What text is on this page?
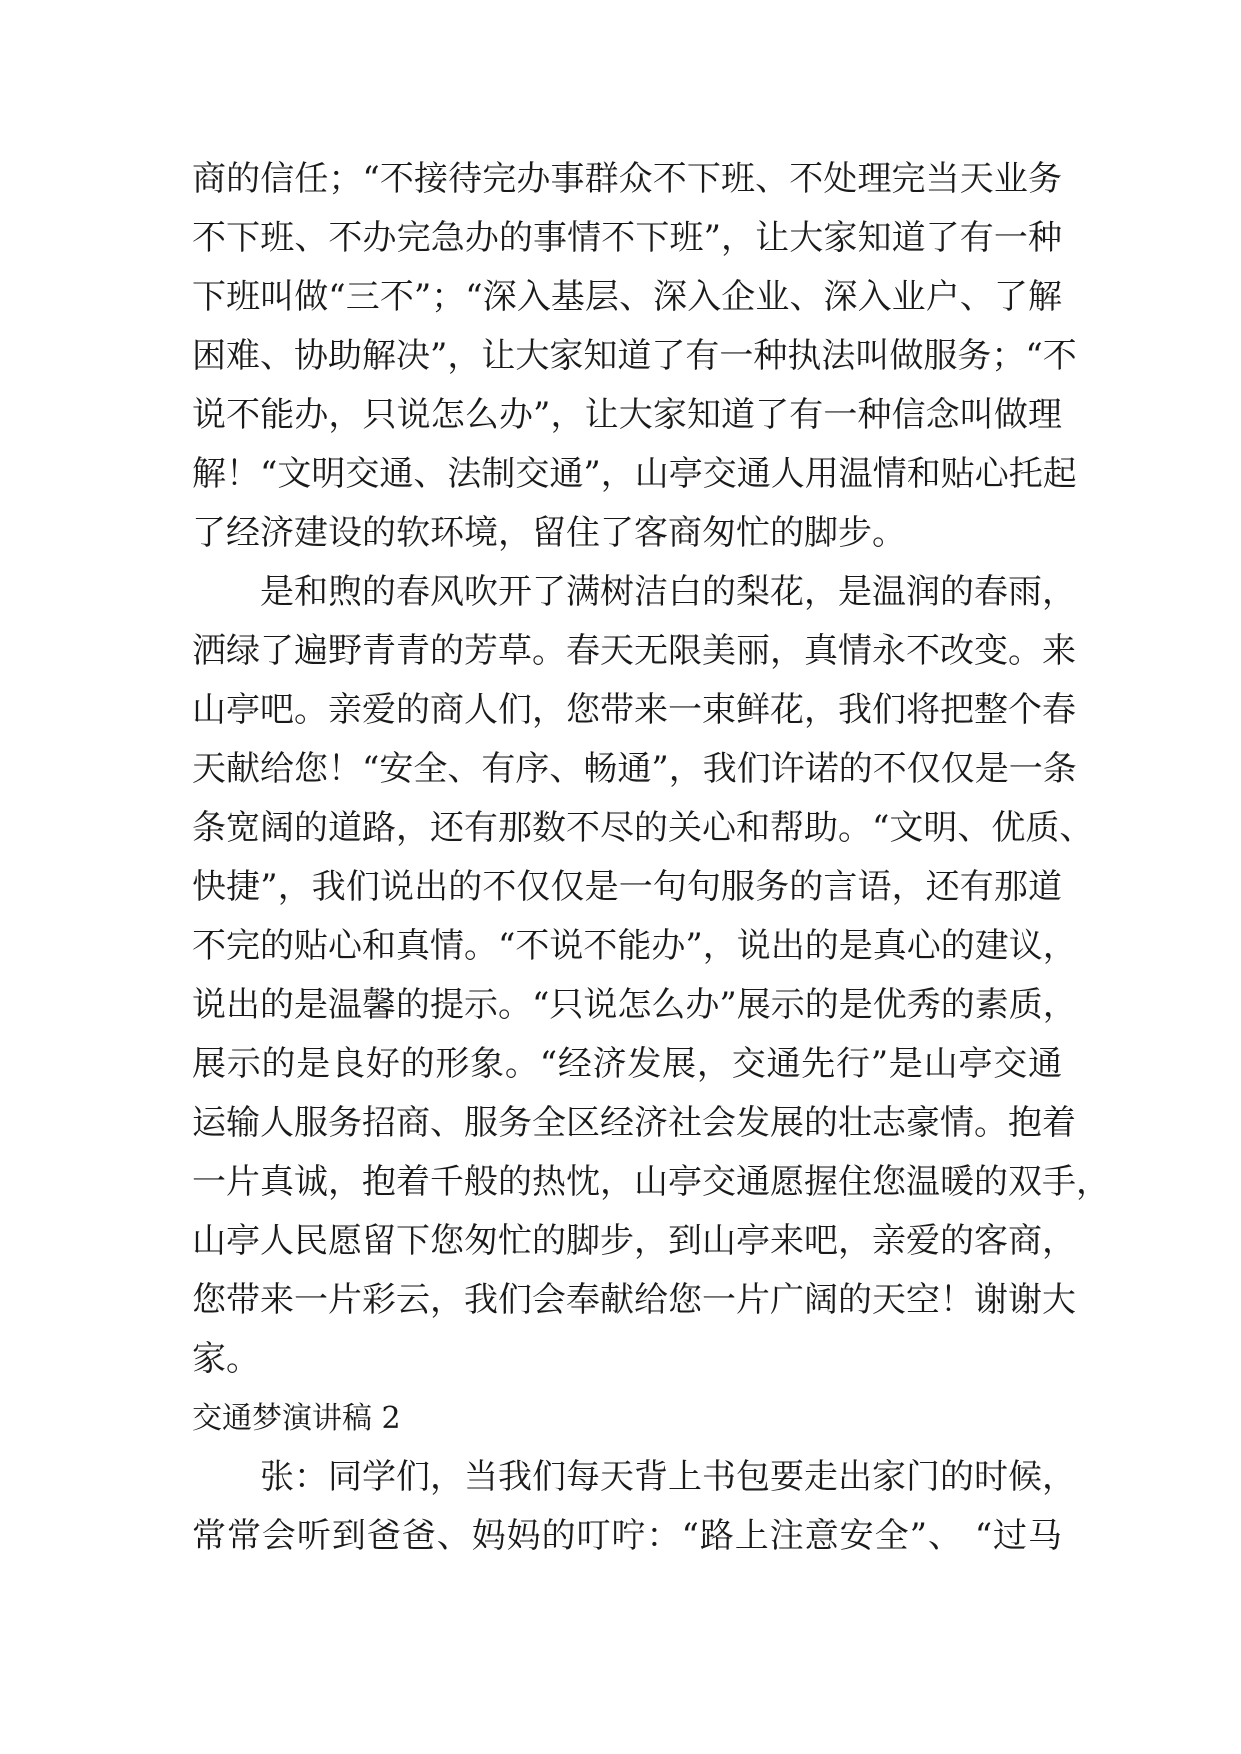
商的信任；“不接待完办事群众不下班、不处理完当天业务
不下班、不办完急办的事情不下班”，让大家知道了有一种
下班叫做“三不”；“深入基层、深入企业、深入业户、了解
困难、协助解决”，让大家知道了有一种执法叫做服务；“不
说不能办，只说怎么办”，让大家知道了有一种信念叫做理
解！“文明交通、法制交通”，山亭交通人用温情和贴心托起
了经济建设的软环境，留住了客商匆忙的脚步。
是和煦的春风吹开了满树洁白的梨花，是温润的春雨，
洒绿了遍野青青的芳草。春天无限美丽，真情永不改变。来
山亭吧。亲爱的商人们，您带来一束鲜花，我们将把整个春
天献给您！“安全、有序、畅通”，我们许诺的不仅仅是一条
条宽阔的道路，还有那数不尽的关心和帮助。“文明、优质、
快捷”，我们说出的不仅仅是一句句服务的言语，还有那道
不完的贴心和真情。“不说不能办”，说出的是真心的建议，
说出的是温馨的提示。“只说怎么办”展示的是优秀的素质，
展示的是良好的形象。“经济发展，交通先行”是山亭交通
运输人服务招商、服务全区经济社会发展的壮志豪情。抱着
一片真诚，抱着千般的热忱，山亭交通愿握住您温暖的双手，
山亭人民愿留下您匆忙的脚步，到山亭来吧，亲爱的客商，
您带来一片彩云，我们会奉献给您一片广阔的天空！谢谢大
家。
交通梦演讲稿 2
张：同学们，当我们每天背上书包要走出家门的时候，
常常会听到爸爸、妈妈的叮咛：“路上注意安全”、 “过马
